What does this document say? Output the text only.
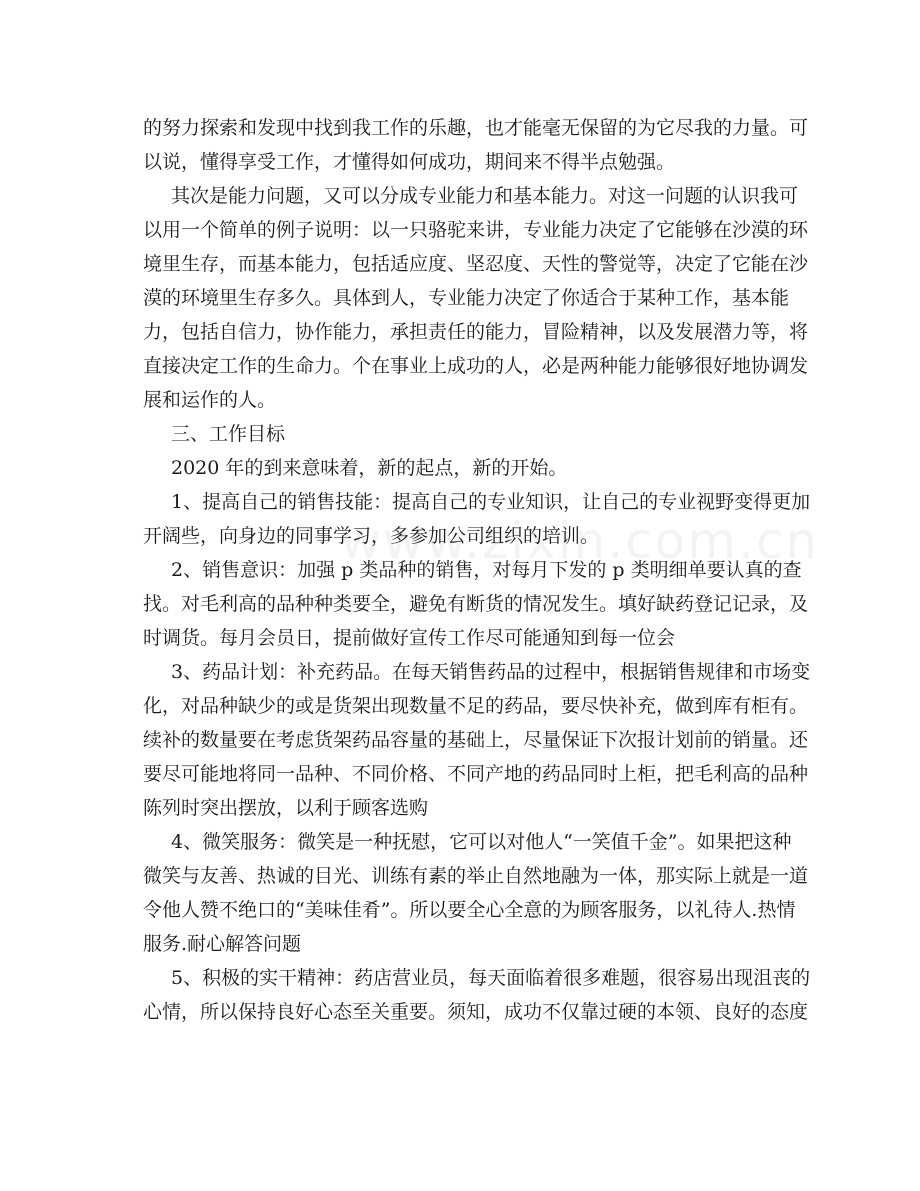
的努力探索和发现中找到我工作的乐趣，也才能毫无保留的为它尽我的力量。可
以说，懂得享受工作，才懂得如何成功，期间来不得半点勉强。
其次是能力问题，又可以分成专业能力和基本能力。对这一问题的认识我可
以用一个简单的例子说明：以一只骆驼来讲，专业能力决定了它能够在沙漠的环
境里生存，而基本能力，包括适应度、坚忍度、天性的警觉等，决定了它能在沙
漠的环境里生存多久。具体到人，专业能力决定了你适合于某种工作，基本能
力，包括自信力，协作能力，承担责任的能力，冒险精神，以及发展潜力等，将
直接决定工作的生命力。个在事业上成功的人，必是两种能力能够很好地协调发
展和运作的人。
三、工作目标
2020 年的到来意味着，新的起点，新的开始。
1、提高自己的销售技能：提高自己的专业知识，让自己的专业视野变得更加
开阔些，向身边的同事学习，多参加公司组织的培训。
2、销售意识：加强 p 类品种的销售，对每月下发的 p 类明细单要认真的查
找。对毛利高的品种种类要全，避免有断货的情况发生。填好缺药登记记录，及
时调货。每月会员日，提前做好宣传工作尽可能通知到每一位会
3、药品计划：补充药品。在每天销售药品的过程中，根据销售规律和市场变
化，对品种缺少的或是货架出现数量不足的药品，要尽快补充，做到库有柜有。
续补的数量要在考虑货架药品容量的基础上，尽量保证下次报计划前的销量。还
要尽可能地将同一品种、不同价格、不同产地的药品同时上柜，把毛利高的品种
陈列时突出摆放，以利于顾客选购
4、微笑服务：微笑是一种抚慰，它可以对他人“一笑值千金”。如果把这种
微笑与友善、热诚的目光、训练有素的举止自然地融为一体，那实际上就是一道
令他人赞不绝口的“美味佳肴”。所以要全心全意的为顾客服务，以礼待人.热情
服务.耐心解答问题
5、积极的实干精神：药店营业员，每天面临着很多难题，很容易出现沮丧的
心情，所以保持良好心态至关重要。须知，成功不仅靠过硬的本领、良好的态度
